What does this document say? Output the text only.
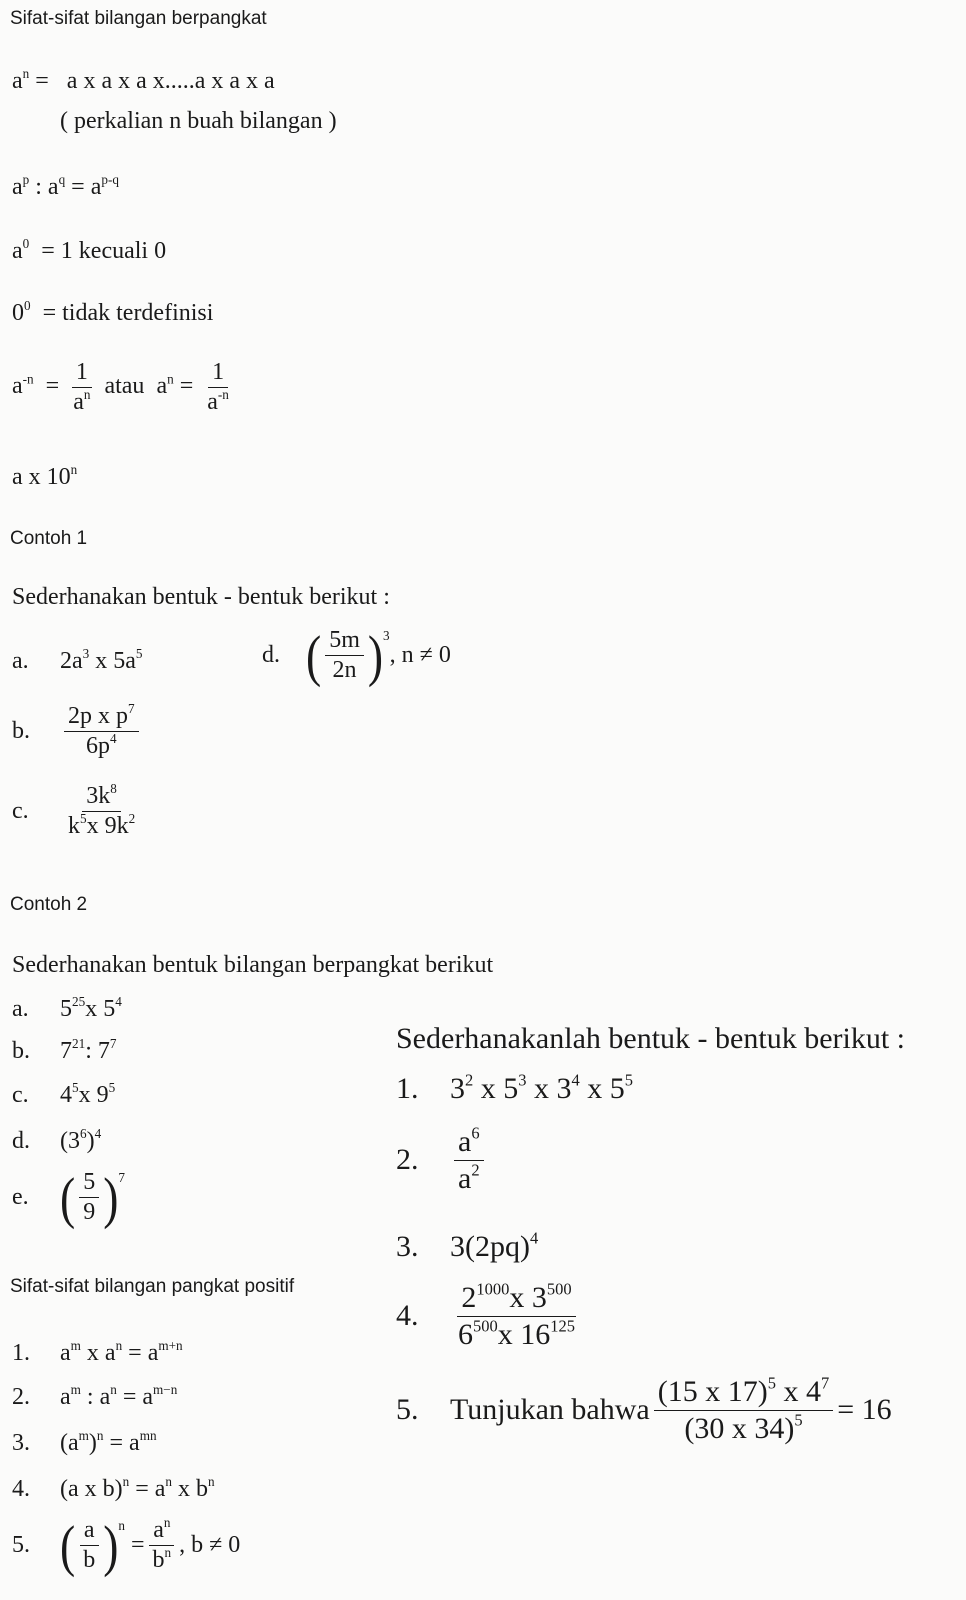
Sifat-sifat bilangan berpangkat
$a^n = a$ x a x a x.....a x a x a
( perkalian n buah bilangan )
$a^p$ : $a^q = a^{p-q}$
$a^0 = 1$ kecuali 0
$0^0$ = tidak terdefinisi
$a^{-n} = \frac{1}{a^n}$ atau $a^n = \frac{1}{a^{-n}}$
a x 10$^n$
Contoh 1
Sederhanakan bentuk - bentuk berikut :
a. $2a^3$ x $5a^5$	d. ( $\frac{5m}{2n} )^3$, n ≠ 0
b. $\frac{2p x p^7}{6p^4}$
c. $\frac{3k^8}{k^5x 9k^2}$
Contoh 2
Sederhanakan bentuk bilangan berpangkat berikut
a. $5^{25}x$ $5^4$
b. $7^{21}$: $7^7$
c. $4^5x$ $9^5$
d. $(3^6)^4$
e. ( $\frac{5}{9} )^7$
Sederhanakanlah bentuk - bentuk berikut :
1. $3^2$ x $5^3$ x $3^4$ x $5^5$
2. $\frac{a^6}{a^2}$
3. $3(2pq)^4$
4. $\frac{2^{1000}x 3^{500}}{6^{500}x 16^{125}}$
5. Tunjukan bahwa $\frac{(15 x 17)^5 x 4^7}{(30 x 34)^5} = 16$
Sifat-sifat bilangan pangkat positif
1. $a^m$ x $a^n = a^{m+n}$
2. $a^m$ : $a^n = a^{m-n}$
3. $(a^m)^n = a^{mn}$
4. (a x $b)^n = a^n$ x $b^n$
5. ( $\frac{a}{b} )^n = \frac{a^n}{b^n}$ , b ≠ 0
